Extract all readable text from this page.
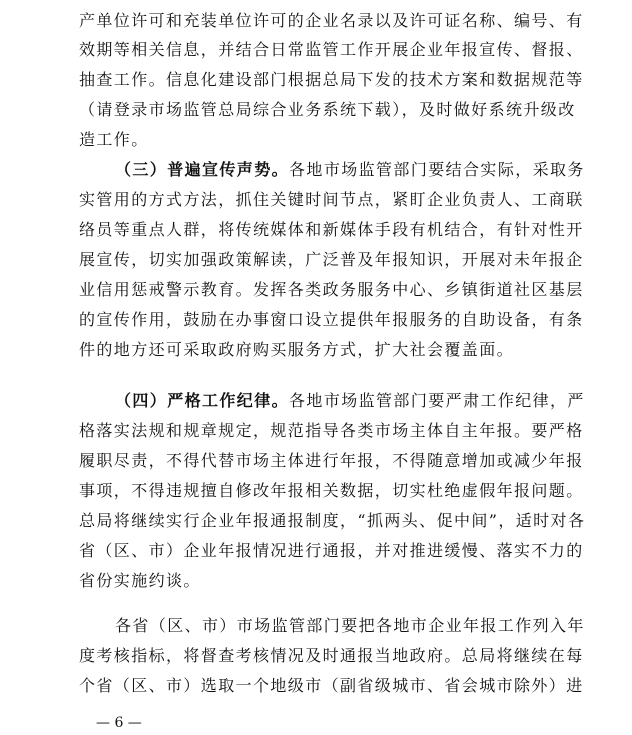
产单位许可和充装单位许可的企业名录以及许可证名称、编号、有
效期等相关信息，并结合日常监管工作开展企业年报宣传、督报、
抽查工作。信息化建设部门根据总局下发的技术方案和数据规范等
（请登录市场监管总局综合业务系统下载），及时做好系统升级改
造工作。
（三）普遍宣传声势。各地市场监管部门要结合实际，采取务
实管用的方式方法，抓住关键时间节点，紧盯企业负责人、工商联
络员等重点人群，将传统媒体和新媒体手段有机结合，有针对性开
展宣传，切实加强政策解读，广泛普及年报知识，开展对未年报企
业信用惩戒警示教育。发挥各类政务服务中心、乡镇街道社区基层
的宣传作用，鼓励在办事窗口设立提供年报服务的自助设备，有条
件的地方还可采取政府购买服务方式，扩大社会覆盖面。
（四）严格工作纪律。各地市场监管部门要严肃工作纪律，严
格落实法规和规章规定，规范指导各类市场主体自主年报。要严格
履职尽责，不得代替市场主体进行年报，不得随意增加或减少年报
事项，不得违规擅自修改年报相关数据，切实杜绝虚假年报问题。
总局将继续实行企业年报通报制度，“抓两头、促中间”，适时对各
省（区、市）企业年报情况进行通报，并对推进缓慢、落实不力的
省份实施约谈。
各省（区、市）市场监管部门要把各地市企业年报工作列入年
度考核指标，将督查考核情况及时通报当地政府。总局将继续在每
个省（区、市）选取一个地级市（副省级城市、省会城市除外）进
— 6 —
